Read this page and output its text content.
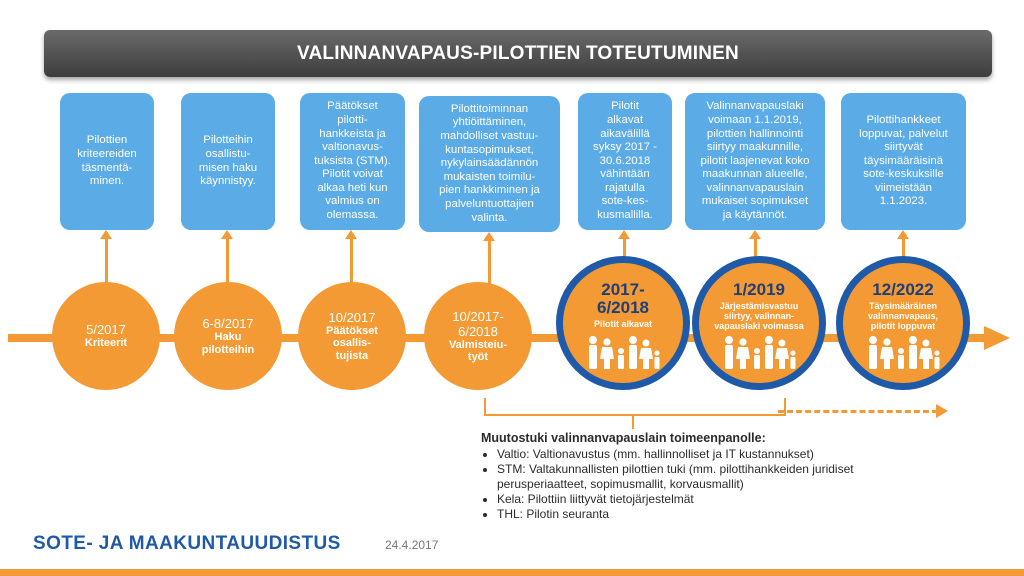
VALINNANVAPAUS-PILOTTIEN TOTEUTUMINEN
Pilottien
kriteereiden
täsmentä-
minen.
Pilotteihin
osallistu-
misen haku
käynnistyy.
Päätökset
pilotti-
hankkeista ja
valtionavus-
tuksista (STM).
Pilotit voivat
alkaa heti kun
valmius on
olemassa.
Pilottitoiminnan
yhtiöittäminen,
mahdolliset vastuu-
kuntasopimukset,
nykylainsäädännön
mukaisten toimilu-
pien hankkiminen ja
palveluntuottajien
valinta.
Pilotit
alkavat
aikavälillä
syksy 2017 -
30.6.2018
vähintään
rajatulla
sote-kes-
kusmallilla.
Valinnanvapauslaki
voimaan 1.1.2019,
pilottien hallinnointi
siirtyy maakunnille,
pilotit laajenevat koko
maakunnan alueelle,
valinnanvapauslain
mukaiset sopimukset
ja käytännöt.
Pilottihankkeet
loppuvat, palvelut
siirtyvät
täysimääräisinä
sote-keskuksille
viimeistään
1.1.2023.
5/2017
Kriteerit
6-8/2017
Haku
pilotteihin
10/2017
Päätökset
osallis-
tujista
10/2017-
6/2018
Valmisteiu-
työt
2017-
6/2018
Pilotit alkavat
1/2019
Järjestämisvastuu
siirtyy, valinnan-
vapauslaki voimassa
12/2022
Täysimääräinen
valinnanvapaus,
pilotit loppuvat
Muutostuki valinnanvapauslain toimeenpanolle:
• Valtio: Valtionavustus (mm. hallinnolliset ja IT kustannukset)
• STM: Valtakunnallisten pilottien tuki (mm. pilottihankkeiden juridiset
perusperiaatteet, sopimusmallit, korvausmallit)
• Kela: Pilottiin liittyvät tietojärjestelmät
• THL: Pilotin seuranta
SOTE- JA MAAKUNTAUUDISTUS	24.4.2017
